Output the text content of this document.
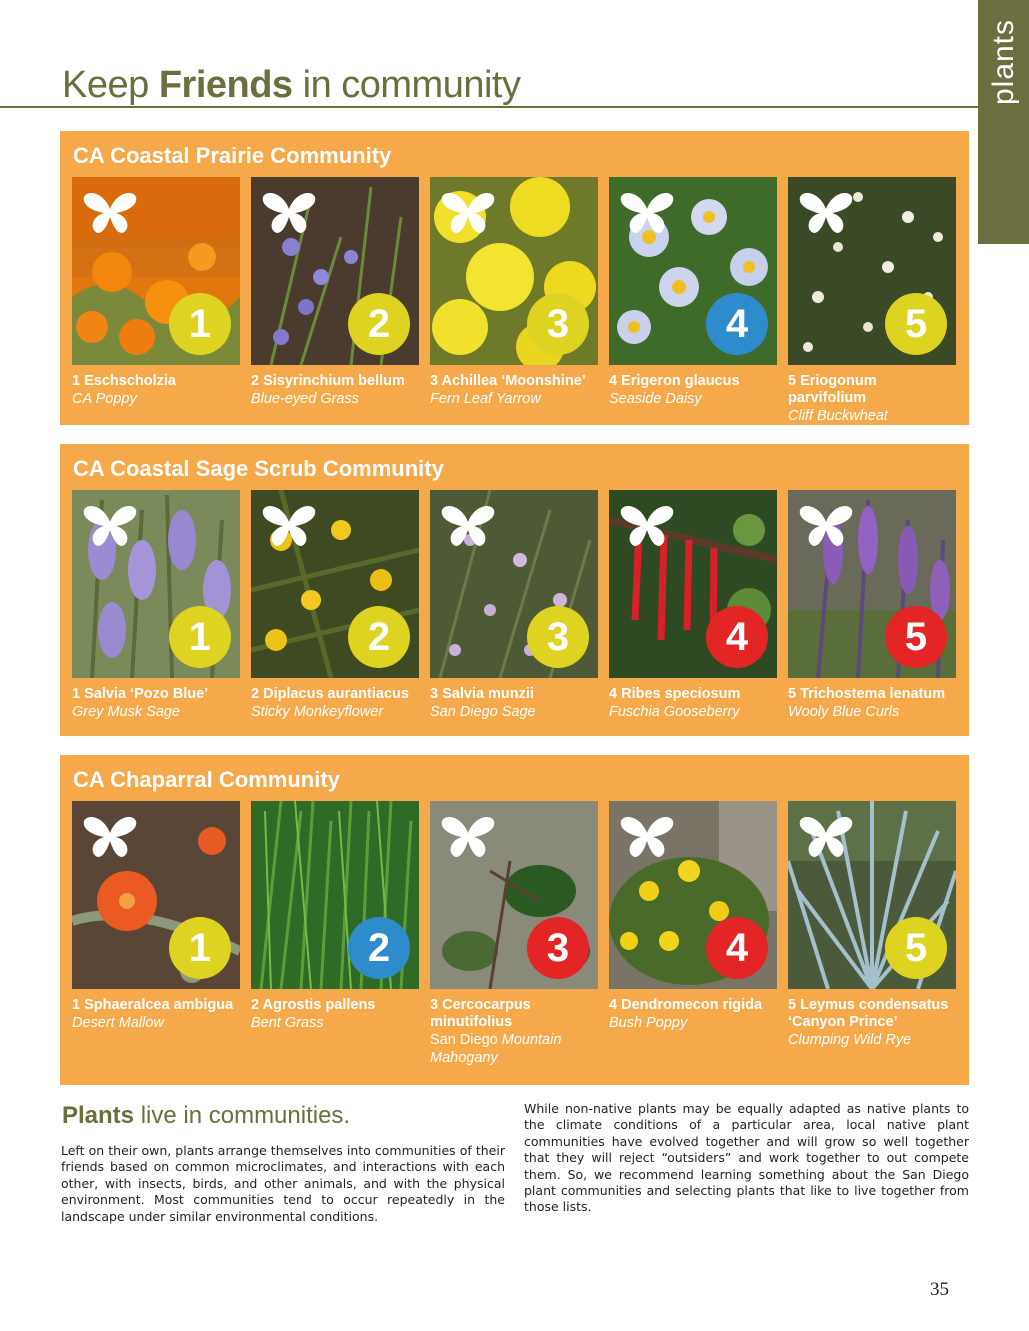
plants
Keep Friends in community
CA Coastal Prairie Community
1
1 Eschscholzia
CA Poppy
2
2 Sisyrinchium bellum
Blue-eyed Grass
3
3 Achillea ‘Moonshine’
Fern Leaf Yarrow
4
4 Erigeron glaucus
Seaside Daisy
5
5 Eriogonum parvifolium
Cliff Buckwheat
CA Coastal Sage Scrub Community
1
1 Salvia ‘Pozo Blue’
Grey Musk Sage
2
2 Diplacus aurantiacus
Sticky Monkeyflower
3
3 Salvia munzii
San Diego Sage
4
4 Ribes speciosum
Fuschia Gooseberry
5
5 Trichostema lenatum
Wooly Blue Curls
CA Chaparral Community
1
1 Sphaeralcea ambigua
Desert Mallow
2
2 Agrostis pallens
Bent Grass
3
3 Cercocarpus minutifolius
San Diego Mountain Mahogany
4
4 Dendromecon rigida
Bush Poppy
5
5 Leymus condensatus ‘Canyon Prince’
Clumping Wild Rye
Plants live in communities.

Left on their own, plants arrange themselves into communities of their friends based on common microclimates, and interactions with each other, with insects, birds, and other animals, and with the physical environment. Most communities tend to occur repeatedly in the landscape under similar environmental conditions.

While non-native plants may be equally adapted as native plants to the climate conditions of a particular area, local native plant communities have evolved together and will grow so well together that they will reject “outsiders” and work together to out compete them. So, we recommend learning something about the San Diego plant communities and selecting plants that like to live together from those lists.

35
